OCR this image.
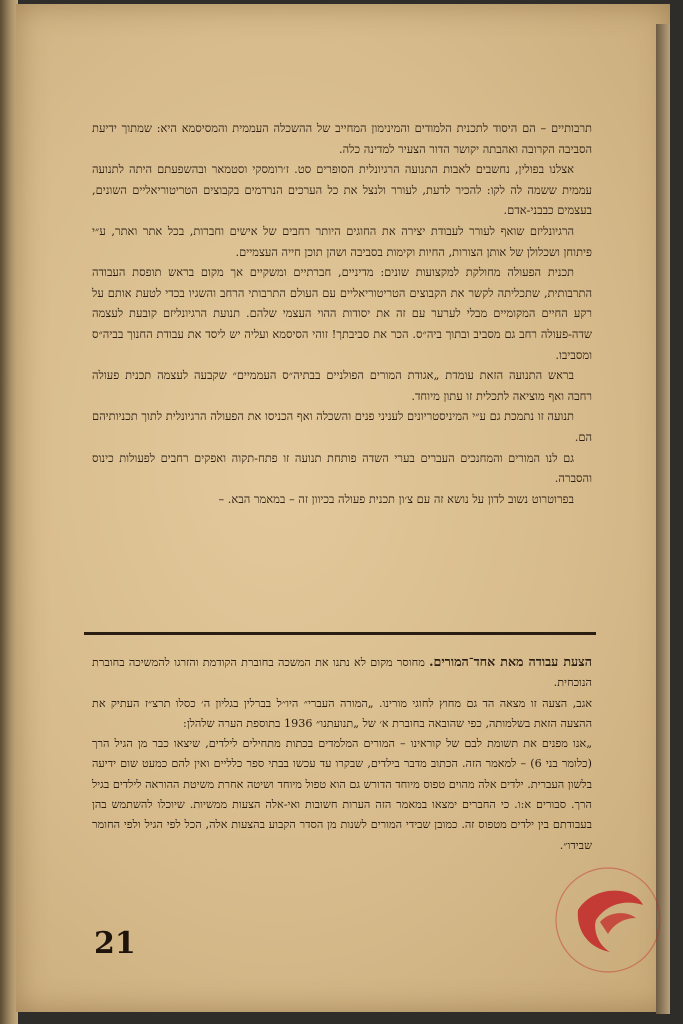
תרבותיים – הם היסוד לתכנית הלמודים והמינימון המחייב של ההשכלה העממית והמסיסמא היא: שמתוך ידיעת הסביבה הקרובה ואהבתה יקושר הדור הצעיר למדינה כלה.

אצלנו בפולין, נחשבים לאבות התנועה הרגיונלית הסופרים סט. ז׳רומסקי וסטמאר ובהשפעתם היתה לתנועה עממית ששמה לה לקו: להכיר לדעת, לעורר ולנצל את כל הערכים הנרדמים בקבוצים הטריטוריאליים השונים, בעצמים כבבני-אדם.

הרגיונליזם שואף לעורר לעבודת יצירה את החוגים היותר רחבים של אישים וחברות, בכל אתר ואתר, ע״י פיתוחן ושכלולן של אותן הצורות, החיות וקימות בסביבה ושהן תוכן חייה העצמיים.

תכנית הפעולה מחולקת למקצועות שונים: מדיניים, חברתיים ומשקיים אך מקום בראש תופסת העבודה התרבותית, שתכליתה לקשר את הקבוצים הטריטוריאליים עם העולם התרבותי הרחב והשגיו בכדי לטעת אותם על רקע החיים המקומיים מבלי לערער עם זה את יסודות ההוי העצמי שלהם. תנועת הרגיונליזם קובעת לעצמה שדה-פעולה רחב גם מסביב ובתוך ביה״ס. הכר את סביבתך! זוהי הסיסמא ועליה יש ליסד את עבודת החנוך בביה״ס ומסביבו.

בראש התנועה הזאת עומדת „אגודת המורים הפולניים בבתיה״ס העממיים״ שקבעה לעצמה תכנית פעולה רחבה ואף מוציאה לתכלית זו עתון מיוחד.

תנועה זו נתמכת גם ע״י המיניסטריונים לעניני פנים והשכלה ואף הכניסו את הפעולה הרגיונלית לתוך תכניותיהם הם.

גם לנו המורים והמחנכים העברים בערי השדה פותחת תנועה זו פתח-תקוה ואפקים רחבים לפעולות כינוס והסברה.

בפרוטרוט נשוב לדון על נושא זה עם צ׳ון תכנית פעולה בכיוון זה – במאמר הבא. –

הצעת עבודה מאת אחד־המורים. מחוסר מקום לא נתנו את המשכה בחוברת הקודמת והזרגו להמשיכה בחוברת הנוכחית.

אגב, הצעה זו מצאה הד גם מחוץ לחוגי מורינו. „המורה העברי״ היו״ל בברלין בגליון ה׳ כסלו תרצ״ז העתיק את ההצעה הזאת בשלמותה, כפי שהובאה בחוברת א׳ של „תנועתנו״ 1936 בתוספת הערה שלהלן:

„אנו מפנים את תשומת לבם של קוראינו – המורים המלמדים בכתות מתחילים לילדים, שיצאו כבר מן הגיל הרך (כלומר בני 6) – למאמר הזה. הכתוב מדבר בילדים, שבקרו עד עכשו בבתי ספר כלליים ואין להם כמעט שום ידיעה בלשון העברית. ילדים אלה מהוים טפוס מיוחד הדורש גם הוא טפול מיוחד ושיטה אחרת משיטת ההוראה לילדים בגיל הרך. סבורים א:ו. כי החברים ימצאו במאמר הזה הערות חשובות ואי-אלה הצעות ממשיות. שיוכלו להשתמש בהן בעבודתם בין ילדים מטפוס זה. כמובן שבידי המורים לשנות מן הסדר הקבוע בהצעות אלה, הכל לפי הגיל ולפי החומר שבידו״.

21
